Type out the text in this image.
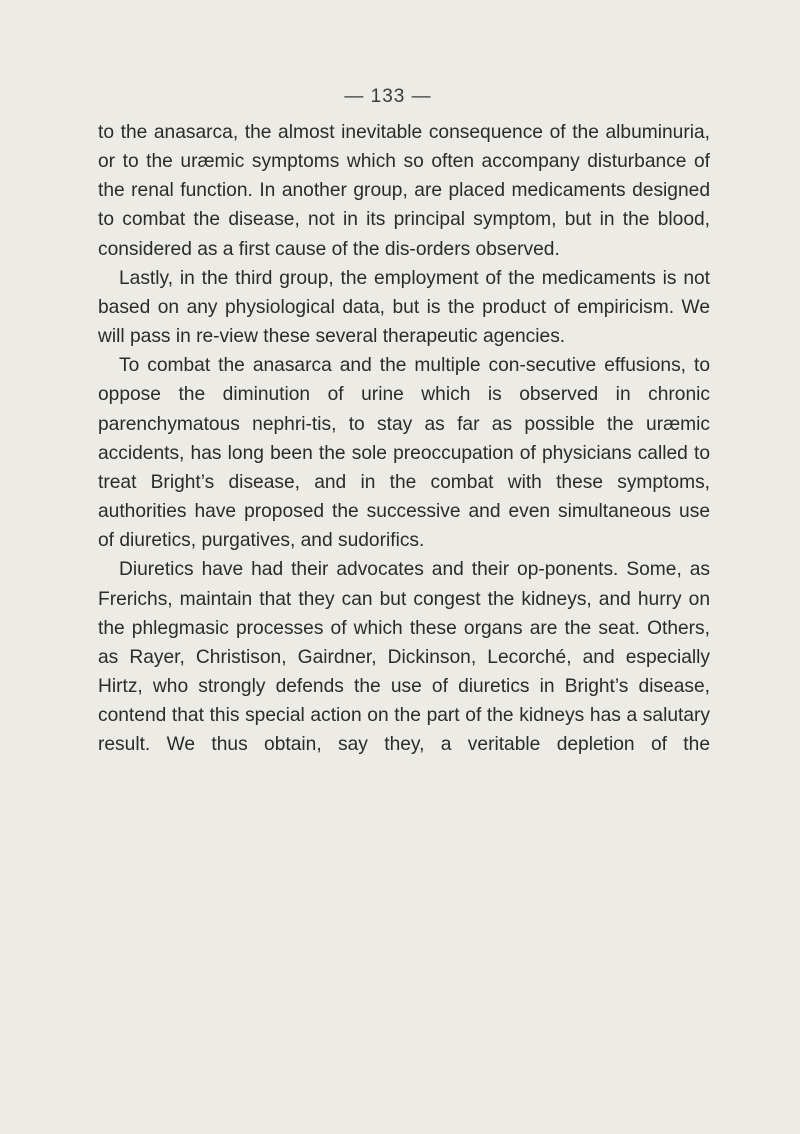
— 133 —

to the anasarca, the almost inevitable consequence of the albuminuria, or to the uræmic symptoms which so often accompany disturbance of the renal function. In another group, are placed medicaments designed to combat the disease, not in its principal symptom, but in the blood, considered as a first cause of the dis-orders observed.

Lastly, in the third group, the employment of the medicaments is not based on any physiological data, but is the product of empiricism. We will pass in re-view these several therapeutic agencies.

To combat the anasarca and the multiple con-secutive effusions, to oppose the diminution of urine which is observed in chronic parenchymatous nephri-tis, to stay as far as possible the uræmic accidents, has long been the sole preoccupation of physicians called to treat Bright’s disease, and in the combat with these symptoms, authorities have proposed the successive and even simultaneous use of diuretics, purgatives, and sudorifics.

Diuretics have had their advocates and their op-ponents. Some, as Frerichs, maintain that they can but congest the kidneys, and hurry on the phlegmasic processes of which these organs are the seat. Others, as Rayer, Christison, Gairdner, Dickinson, Lecorché, and especially Hirtz, who strongly defends the use of diuretics in Bright’s disease, contend that this special action on the part of the kidneys has a salutary result. We thus obtain, say they, a veritable depletion of the
